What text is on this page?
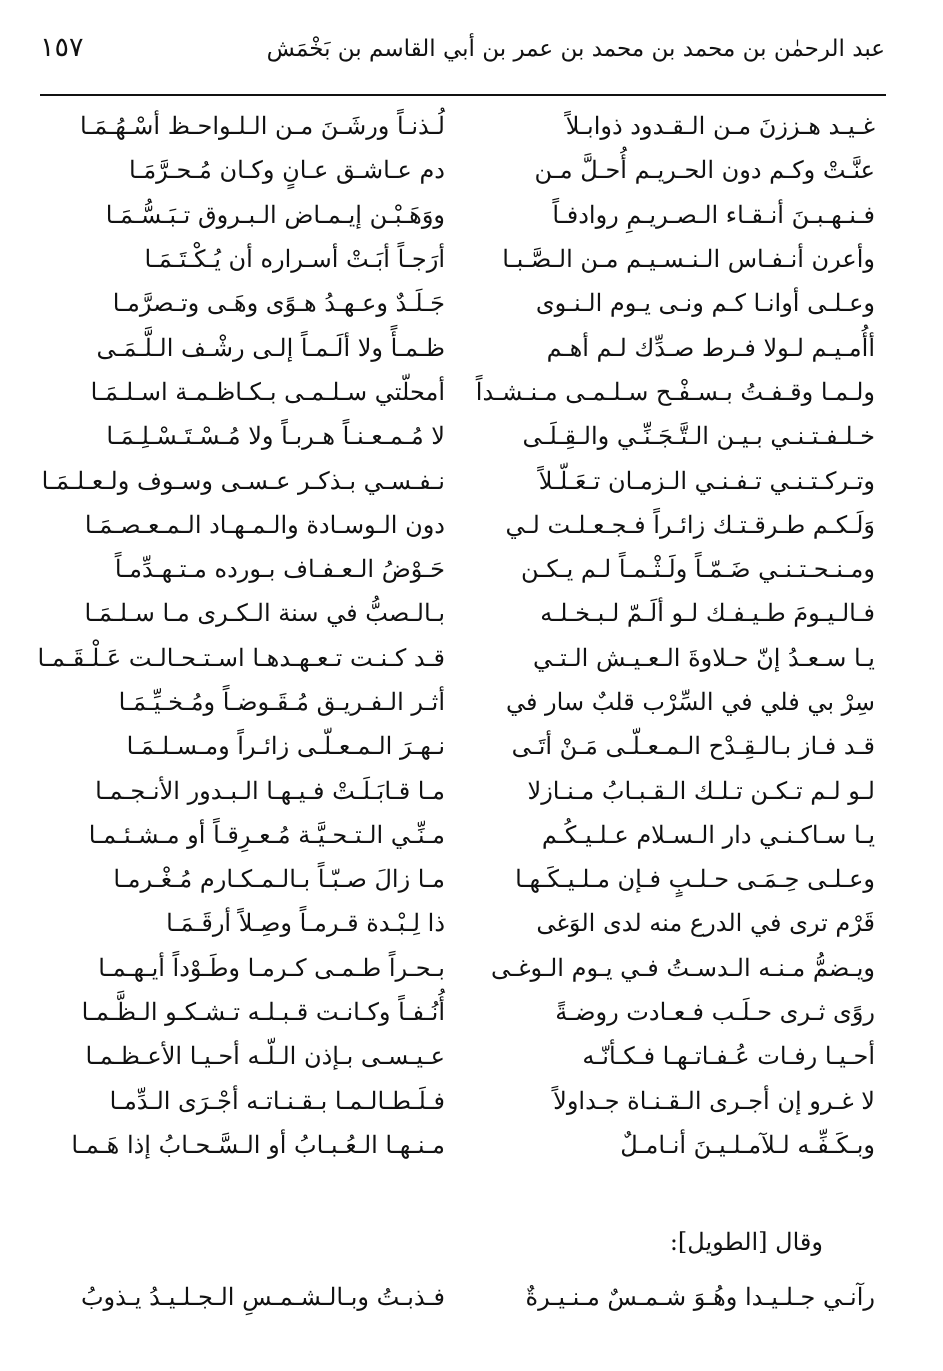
عبد الرحمٰن بن محمد بن محمد بن عمر بن أبي القاسم بن بَخْمَش
١٥٧
غـيـد هـززنَ مـن الـقـدود ذوابـلاً
لُـذنـاً ورشَـنَ مـن الـلـواحـظ أسْـهُـمَـا
عنَّـتْ وكـم دون الحـريـم أُحـلَّ مـن
دم عـاشـق عـانٍ وكـان مُـحـرَّمَـا
فـنـهـبـنَ أنـقـاء الـصـريـمِ روادفـاً
ووَهَـبْـن إيـمـاض الـبـروق تـبَـسُّـمَـا
وأعرن أنـفـاس الـنـسـيـم مـن الـصَّـبـا
أرَجـاً أبَـتْ أسـراره أن يُـكْـتَـمَـا
وعـلـى أوانـا كـم ونـى يـوم الـنـوى
جَـلَـدٌ وعـهـدُ هـوًى وهَـى وتـصرَّمـا
أأُمـيـم لـولا فـرط صـدِّك لـم أهـم
ظـمـأً ولا ألَـمـاً إلـى رشْـف الـلَّـمَـى
ولـمـا وقـفـتُ بـسـفْـح سـلـمـى مـنـشـداً
أمحلّتي سـلـمـى بـكـاظـمـة اسـلـمَـا
خـلـفـتـنـي بـيـن الـتَّـجَـنِّـي والـقِـلَـى
لا مُـمـعـنـاً هـربـاً ولا مُـسْـتَـسْـلِـمَـا
وتـركـتـنـي تـفـنـي الـزمـان تـعَـلّـلاً
نـفـسـي بـذكـر عـسـى وسـوف ولـعـلـمَـا
وَلَـكـم طـرقـتـك زائـراً فـجـعـلـت لـي
دون الـوسـادة والـمـهـاد الـمـعـصـمَـا
ومـنـحـتـنـي ضَـمّـاً ولَـثْـمـاً لـم يـكـن
حَـوْضُ الـعـفـاف بـورده مـتـهـدِّمـاً
فـالـيـومَ طـيـفـك لـو ألَـمّ لـبـخـلـه
بـالـصبُّ في سنة الـكـرى مـا سـلـمَـا
يـا سـعـدُ إنّ حـلاوةَ الـعـيـش الـتـي
قـد كـنـت تـعـهـدهـا اسـتـحـالـت عَـلْـقَـمـا
سِرْ بي فلي في السِّرْب قلبٌ سار في
أثـر الـفـريـق مُـقَـوضـاً ومُـخـيِّـمَـا
قـد فـاز بـالـقِـدْح الـمـعـلّـى مَـنْ أتَـى
نـهـرَ الـمـعـلّـى زائـراً ومـسـلـمَـا
لـو لـم تـكـن تـلـك الـقـبـابُ مـنـازلا
مـا قـابَـلَـتْ فـيـهـا الـبـدور الأنـجـمـا
يـا سـاكـنـي دار الـسـلام عـلـيـكُـم
مـنِّـي الـتـحـيَّـة مُـعـرِقـاً أو مـشـئـمـا
وعـلـى حِـمَـى حـلـبٍ فـإن مـلـيـكَـهـا
مـا زالَ صـبّـاً بـالـمـكـارم مُـغْـرمـا
قَرْم ترى في الدرع منه لدى الوَغى
ذا لِـبْـدة قـرمـاً وصِـلاً أرقَـمَـا
ويـضمُّ مـنـه الـدسـتُ فـي يـوم الـوغـى
بـحـراً طـمـى كـرمـا وطَـوْداً أيـهـمـا
روًى ثـرى حـلَـب فـعـادت روضـةً
أُنُـفـاً وكـانـت قـبـلـه تـشـكـو الـظَّـمـا
أحـيـا رفـات عُـفـاتـهـا فـكـأنّـه
عـيـسـى بـإذن الـلّـه أحـيـا الأعـظـمـا
لا غـرو إن أجـرى الـقـنـاة جـداولاً
فـلَـطـالـمـا بـقـنـاتـه أجْـرَى الـدِّمـا
وبـكَـفِّـه لـلآمـلـيـنَ أنـامـلٌ
مـنـهـا الـعُـبـابُ أو الـسَّـحـابُ إذا هَـمـا
وقال [الطويل]:
رآنـي جـلـيـدا وهُـوَ شـمـسٌ مـنـيـرةٌ
فـذبـتُ وبـالـشـمـسِ الـجـلـيـدُ يـذوبُ
